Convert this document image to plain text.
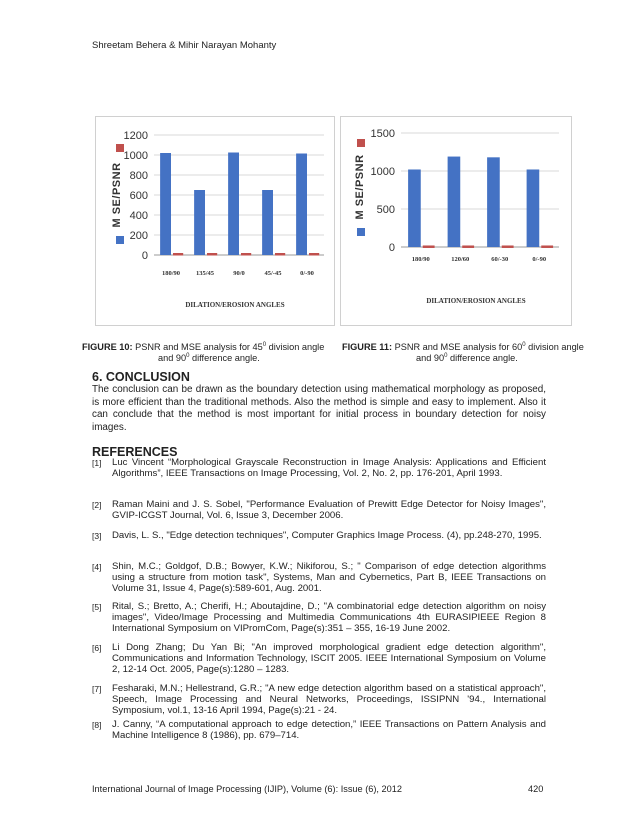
Shreetam Behera & Mihir Narayan Mohanty
0
200
400
600
800
1000
1200
180/90 135/45	90/0	45/-45	0/-90
DILATION/EROSION ANGLES
M SE/PSNR
0
500
1000
1500
180/90	120/60	60/-30	0/-90
DILATION/EROSION ANGLES
M SE/PSNR
FIGURE 10: PSNR and MSE analysis for $45^0$ division angle
and $90^0$ difference angle.
FIGURE 11: PSNR and MSE analysis for $60^0$ division angle
and $90^0$ difference angle.
6. CONCLUSION
The conclusion can be drawn as the boundary detection using mathematical morphology as proposed, is more efficient than the traditional methods. Also the method is simple and easy to implement. Also it can conclude that the method is most important for initial process in boundary detection for noisy images.
REFERENCES
[1] Luc Vincent “Morphological Grayscale Reconstruction in Image Analysis: Applications and Efficient Algorithms”, IEEE Transactions on Image Processing, Vol. 2, No. 2, pp. 176-201, April 1993.
[2] Raman Maini and J. S. Sobel, "Performance Evaluation of Prewitt Edge Detector for Noisy Images", GVIP-ICGST Journal, Vol. 6, Issue 3, December 2006.
[3] Davis, L. S., "Edge detection techniques", Computer Graphics Image Process. (4), pp.248-270, 1995.
[4] Shin, M.C.; Goldgof, D.B.; Bowyer, K.W.; Nikiforou, S.; " Comparison of edge detection algorithms using a structure from motion task", Systems, Man and Cybernetics, Part B, IEEE Transactions on Volume 31, Issue 4, Page(s):589-601, Aug. 2001.
[5] Rital, S.; Bretto, A.; Cherifi, H.; Aboutajdine, D.; "A combinatorial edge detection algorithm on noisy images", Video/Image Processing and Multimedia Communications 4th EURASIPIEEE Region 8 International Symposium on VIPromCom, Page(s):351 – 355, 16-19 June 2002.
[6] Li Dong Zhang; Du Yan Bi; "An improved morphological gradient edge detection algorithm", Communications and Information Technology, ISCIT 2005. IEEE International Symposium on Volume 2, 12-14 Oct. 2005, Page(s):1280 – 1283.
[7] Fesharaki, M.N.; Hellestrand, G.R.; "A new edge detection algorithm based on a statistical approach", Speech, Image Processing and Neural Networks, Proceedings, ISSIPNN '94., International Symposium, vol.1, 13-16 April 1994, Page(s):21 - 24.
[8] J. Canny, “A computational approach to edge detection,” IEEE Transactions on Pattern Analysis and Machine Intelligence 8 (1986), pp. 679–714.
International Journal of Image Processing (IJIP), Volume (6): Issue (6), 2012	420
